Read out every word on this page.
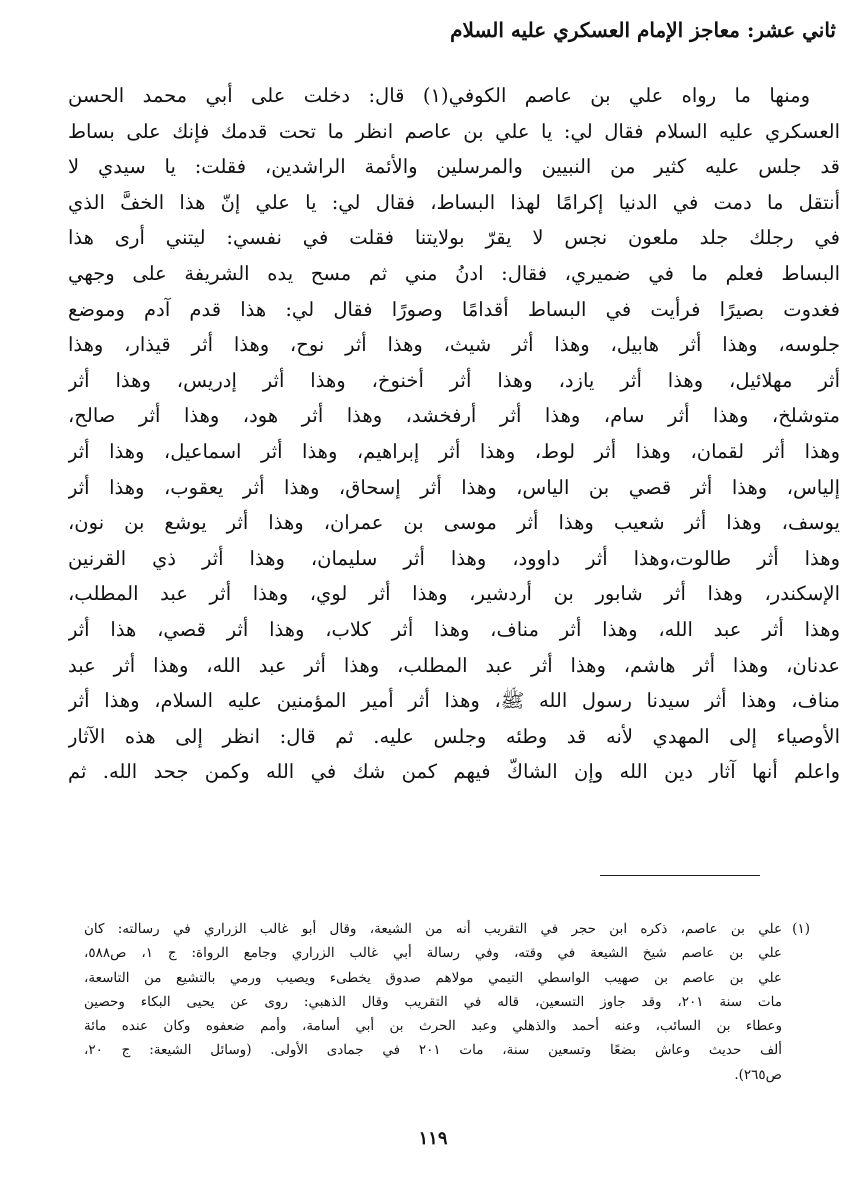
ثاني عشر: معاجز الإمام العسكري عليه السلام
ومنها ما رواه علي بن عاصم الكوفي(١) قال: دخلت على أبي محمد الحسن
العسكري عليه السلام فقال لي: يا علي بن عاصم انظر ما تحت قدمك فإنك على بساط
قد جلس عليه كثير من النبيين والمرسلين والأئمة الراشدين، فقلت: يا سيدي لا
أنتقل ما دمت في الدنيا إكرامًا لهذا البساط، فقال لي: يا علي إنّ هذا الخفَّ الذي
في رجلك جلد ملعون نجس لا يقرّ بولايتنا فقلت في نفسي: ليتني أرى هذا
البساط فعلم ما في ضميري، فقال: ادنُ مني ثم مسح يده الشريفة على وجهي
فغدوت بصيرًا فرأيت في البساط أقدامًا وصورًا فقال لي: هذا قدم آدم وموضع
جلوسه، وهذا أثر هابيل، وهذا أثر شيث، وهذا أثر نوح، وهذا أثر قيذار، وهذا
أثر مهلائيل، وهذا أثر يازد، وهذا أثر أخنوخ، وهذا أثر إدريس، وهذا أثر
متوشلخ، وهذا أثر سام، وهذا أثر أرفخشد، وهذا أثر هود، وهذا أثر صالح،
وهذا أثر لقمان، وهذا أثر لوط، وهذا أثر إبراهيم، وهذا أثر اسماعيل، وهذا أثر
إلياس، وهذا أثر قصي بن الياس، وهذا أثر إسحاق، وهذا أثر يعقوب، وهذا أثر
يوسف، وهذا أثر شعيب وهذا أثر موسى بن عمران، وهذا أثر يوشع بن نون،
وهذا أثر طالوت،وهذا أثر داوود، وهذا أثر سليمان، وهذا أثر ذي القرنين
الإسكندر، وهذا أثر شابور بن أردشير، وهذا أثر لوي، وهذا أثر عبد المطلب،
وهذا أثر عبد الله، وهذا أثر مناف، وهذا أثر كلاب، وهذا أثر قصي، هذا أثر
عدنان، وهذا أثر هاشم، وهذا أثر عبد المطلب، وهذا أثر عبد الله، وهذا أثر عبد
مناف، وهذا أثر سيدنا رسول الله ﷺ، وهذا أثر أمير المؤمنين عليه السلام، وهذا أثر
الأوصياء إلى المهدي لأنه قد وطئه وجلس عليه. ثم قال: انظر إلى هذه الآثار
واعلم أنها آثار دين الله وإن الشاكّ فيهم كمن شك في الله وكمن جحد الله. ثم
(١)
علي بن عاصم، ذكره ابن حجر في التقريب أنه من الشيعة، وقال أبو غالب الزراري في رسالته: كان
علي بن عاصم شيخ الشيعة في وقته، وفي رسالة أبي غالب الزراري وجامع الرواة: ج ١، ص٥٨٨،
علي بن عاصم بن صهيب الواسطي التيمي مولاهم صدوق يخطىء ويصيب ورمي بالتشيع من التاسعة،
مات سنة ٢٠١، وقد جاوز التسعين، قاله في التقريب وقال الذهبي: روى عن يحيى البكاء وحصين
وعطاء بن السائب، وعنه أحمد والذهلي وعبد الحرث بن أبي أسامة، وأمم ضعفوه وكان عنده مائة
ألف حديث وعاش بضعًا وتسعين سنة، مات ٢٠١ في جمادى الأولى. (وسائل الشيعة: ج ٢٠،
ص٢٦٥).
١١٩
